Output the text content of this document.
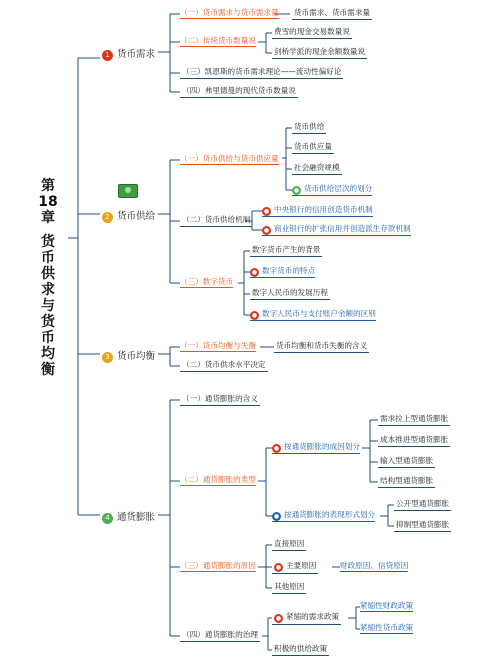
第
18
章
货
币
供
求
与
货
币
均
衡
1 货币需求
2 货币供给
3 货币均衡
4 通货膨胀
（一）货币需求与货币需求量 货币需求、货币需求量
（二）传统货币数量说
费雪的现金交易数量说
剑桥学派的现金余额数量说
（三）凯恩斯的货币需求理论——流动性偏好论
（四）弗里德曼的现代货币数量说
（一）货币供给与货币供应量
货币供给
货币供应量
社会融资规模
● 货币供给层次的划分
（二）货币供给机制
● 中央银行的信用创造货币机制
● 商业银行的扩张信用并创造派生存款机制
（三）数字货币
数字货币产生的背景
● 数字货币的特点
数字人民币的发展历程
● 数字人民币与支付账户余额的区别
（一）货币均衡与失衡	货币均衡和货币失衡的含义
（二）货币供求水平决定
（一）通货膨胀的含义
（二）通货膨胀的类型
● 按通货膨胀的成因划分
需求拉上型通货膨胀
成本推进型通货膨胀
输入型通货膨胀
结构型通货膨胀
● 按通货膨胀的表现形式划分
公开型通货膨胀
抑制型通货膨胀
（三）通货膨胀的原因
直接原因
● 主要原因	财政原因、信贷原因
其他原因
（四）通货膨胀的治理
● 紧缩的需求政策
紧缩性财政政策
紧缩性货币政策
积极的供给政策
